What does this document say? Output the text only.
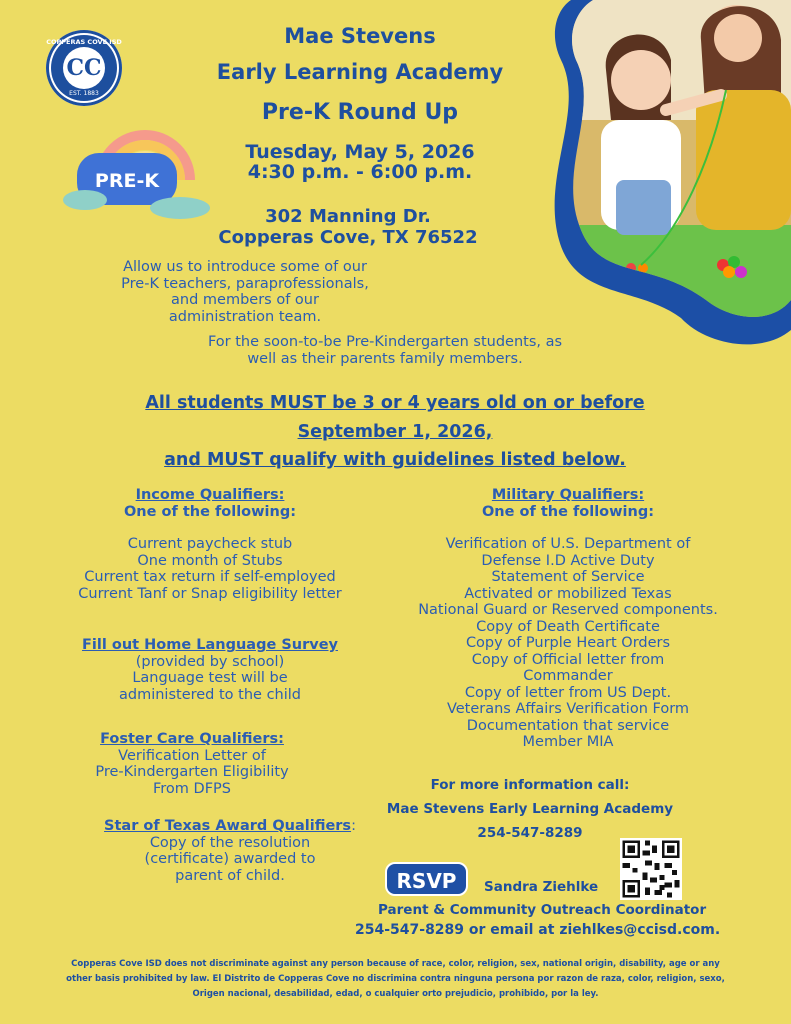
COPPERAS COVE ISD
CC
EST. 1883
PRE-K
Mae Stevens
Early Learning Academy
Pre-K Round Up
Tuesday, May 5, 2026
4:30 p.m. - 6:00 p.m.
302 Manning Dr.
Copperas Cove, TX 76522
Allow us to introduce some of our
Pre-K teachers, paraprofessionals,
and members of our
administration team.
For the soon-to-be Pre-Kindergarten students, as
well as their parents family members.
All students MUST be 3 or 4 years old on or before
September 1, 2026,
and MUST qualify with guidelines listed below.
Income Qualifiers:
One of the following:
Current paycheck stub
One month of Stubs
Current tax return if self-employed
Current Tanf or Snap eligibility letter
Fill out Home Language Survey
(provided by school)
Language test will be
administered to the child
Foster Care Qualifiers:
Verification Letter of
Pre-Kindergarten Eligibility
From DFPS
Star of Texas Award Qualifiers:
Copy of the resolution
(certificate) awarded to
parent of child.
Military Qualifiers:
One of the following:
Verification of U.S. Department of
Defense I.D Active Duty
Statement of Service
Activated or mobilized Texas
National Guard or Reserved components.
Copy of Death Certificate
Copy of Purple Heart Orders
Copy of Official letter from
Commander
Copy of letter from US Dept.
Veterans Affairs Verification Form
Documentation that service
Member MIA
For more information call:
Mae Stevens Early Learning Academy
254-547-8289
RSVP	Sandra Ziehlke
Parent & Community Outreach Coordinator
254-547-8289 or email at ziehlkes@ccisd.com.
Copperas Cove ISD does not discriminate against any person because of race, color, religion, sex, national origin, disability, age or any
other basis prohibited by law. El Distrito de Copperas Cove no discrimina contra ninguna persona por razon de raza, color, religion, sexo,
Origen nacional, desabilidad, edad, o cualquier orto prejudicio, prohibido, por la ley.
